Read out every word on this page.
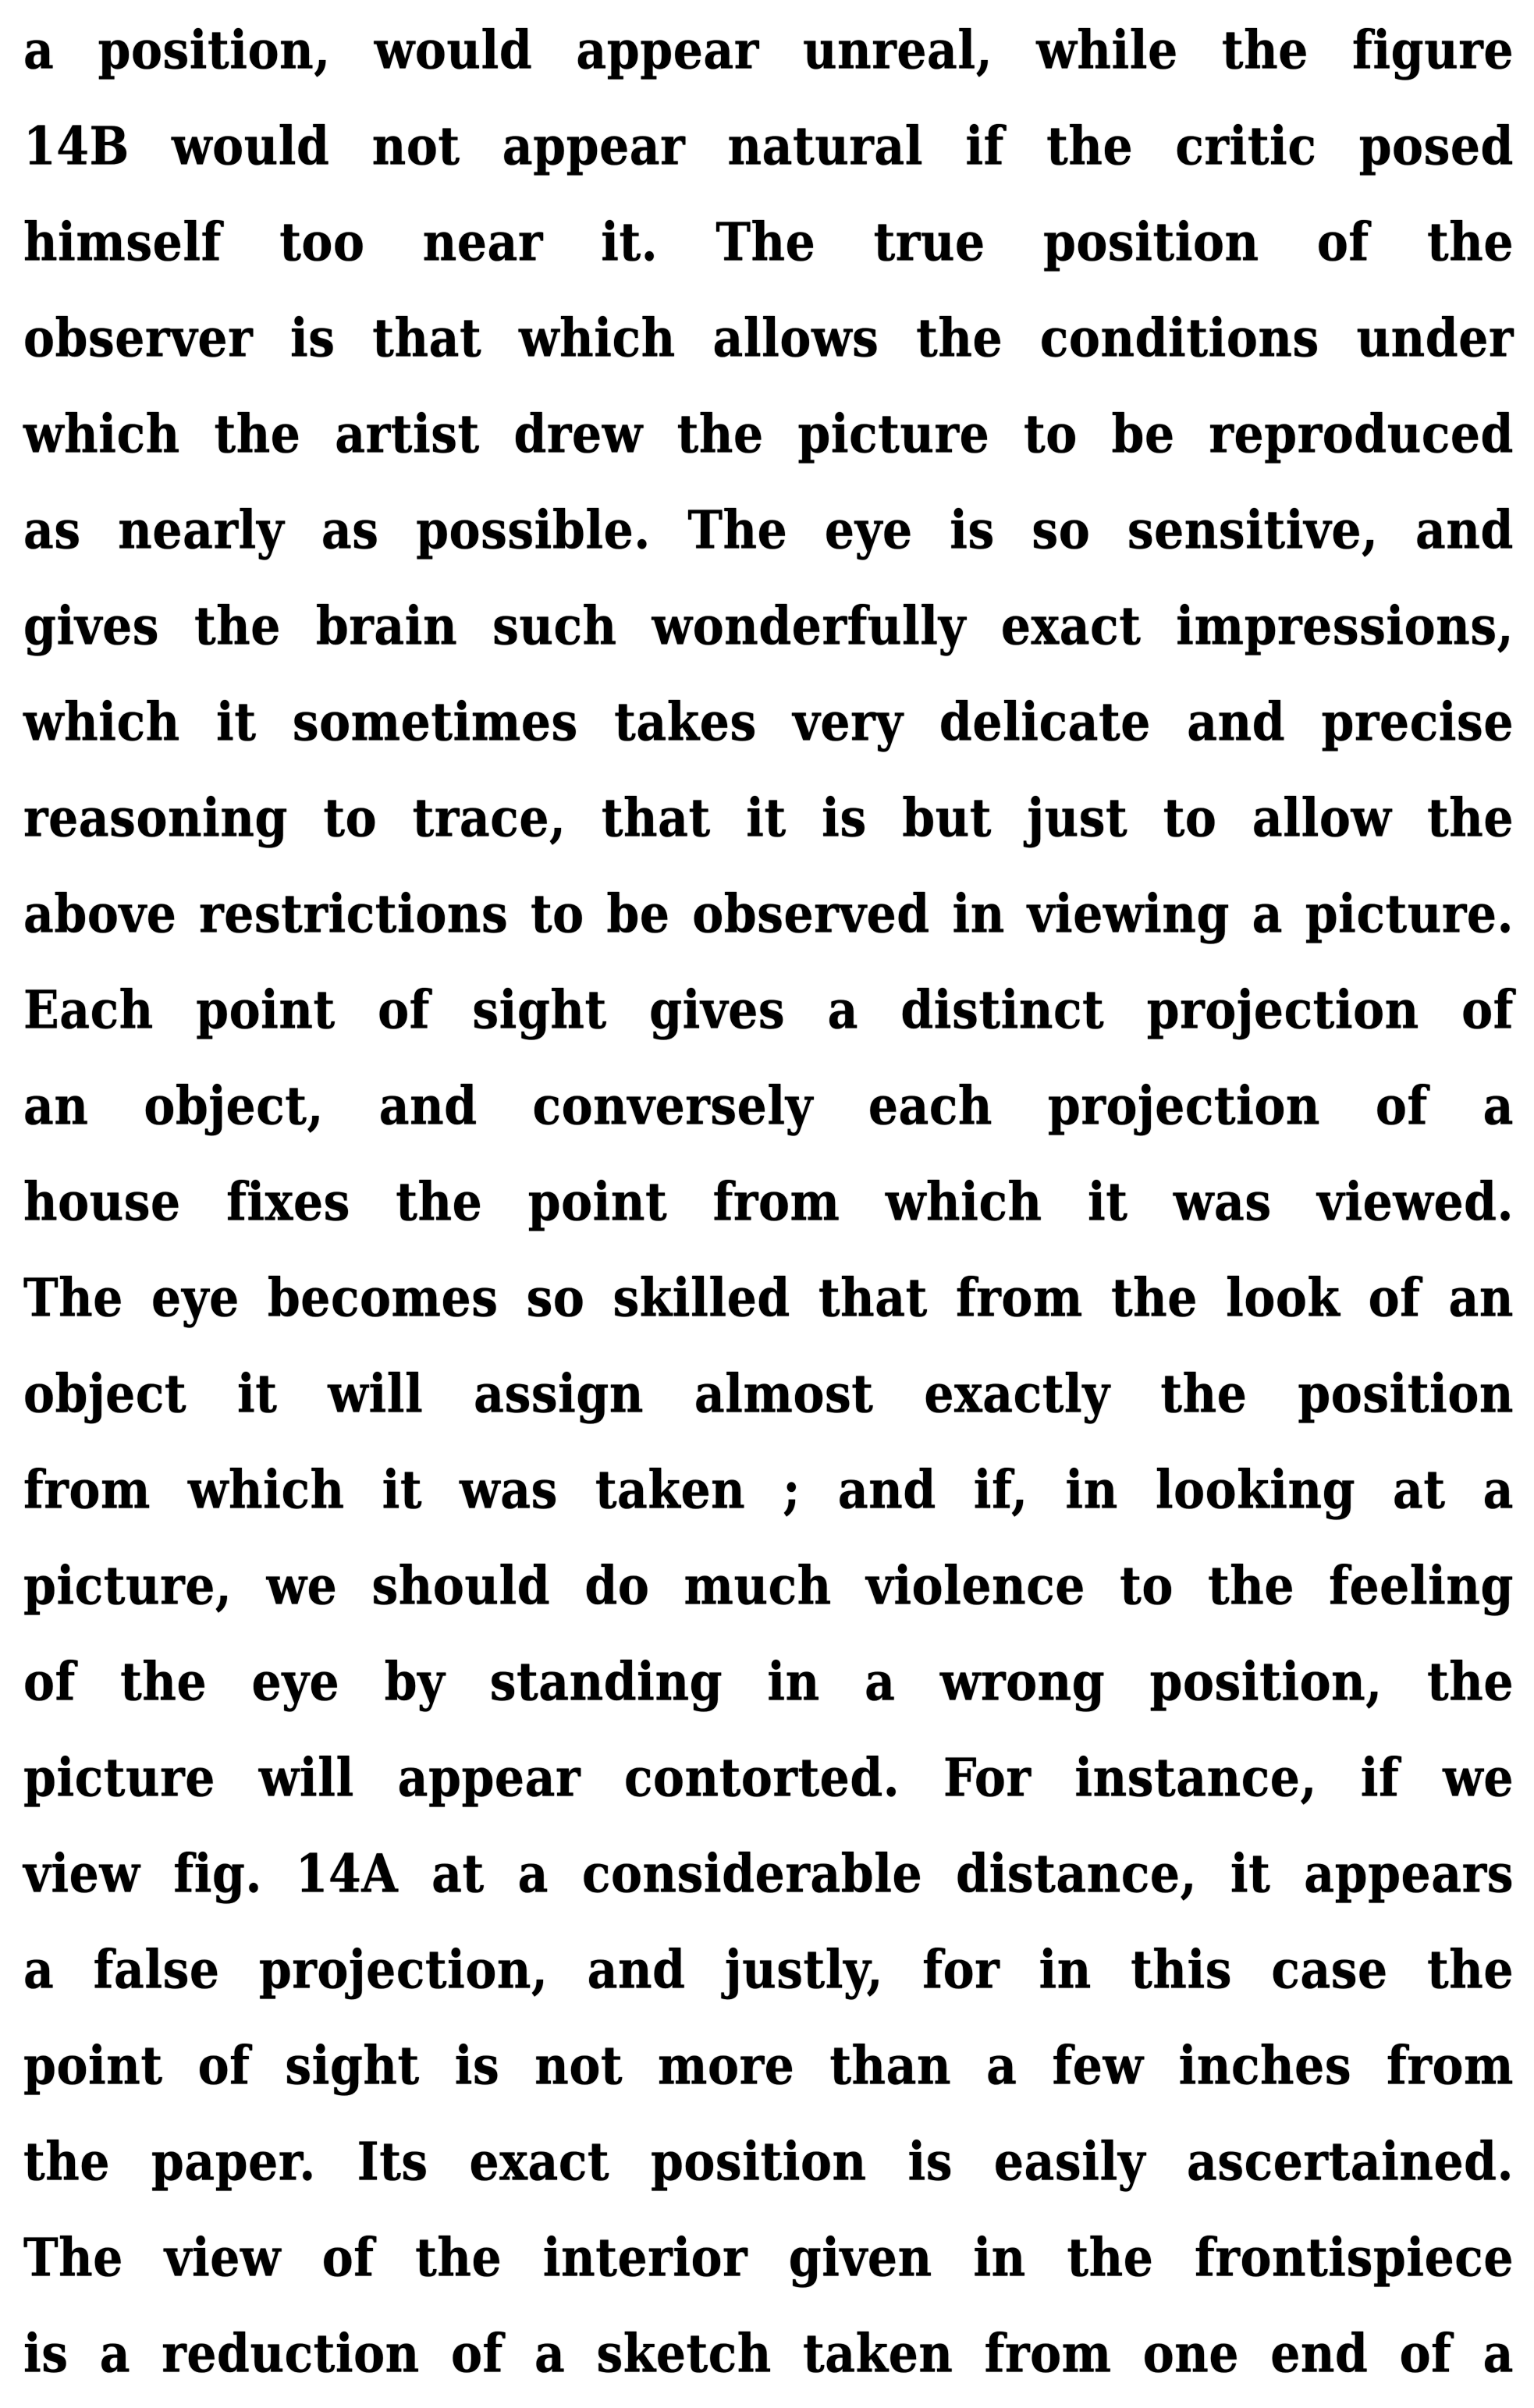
a position, would appear unreal, while the figure
14B would not appear natural if the critic posed
himself too near it. The true position of the
observer is that which allows the conditions under
which the artist drew the picture to be reproduced
as nearly as possible. The eye is so sensitive, and
gives the brain such wonderfully exact impressions,
which it sometimes takes very delicate and precise
reasoning to trace, that it is but just to allow the
above restrictions to be observed in viewing a picture.
Each point of sight gives a distinct projection of
an object, and conversely each projection of a
house fixes the point from which it was viewed.
The eye becomes so skilled that from the look of an
object it will assign almost exactly the position
from which it was taken ; and if, in looking at a
picture, we should do much violence to the feeling
of the eye by standing in a wrong position, the
picture will appear contorted. For instance, if we
view fig. 14A at a considerable distance, it appears
a false projection, and justly, for in this case the
point of sight is not more than a few inches from
the paper. Its exact position is easily ascertained.
The view of the interior given in the frontispiece
is a reduction of a sketch taken from one end of a
